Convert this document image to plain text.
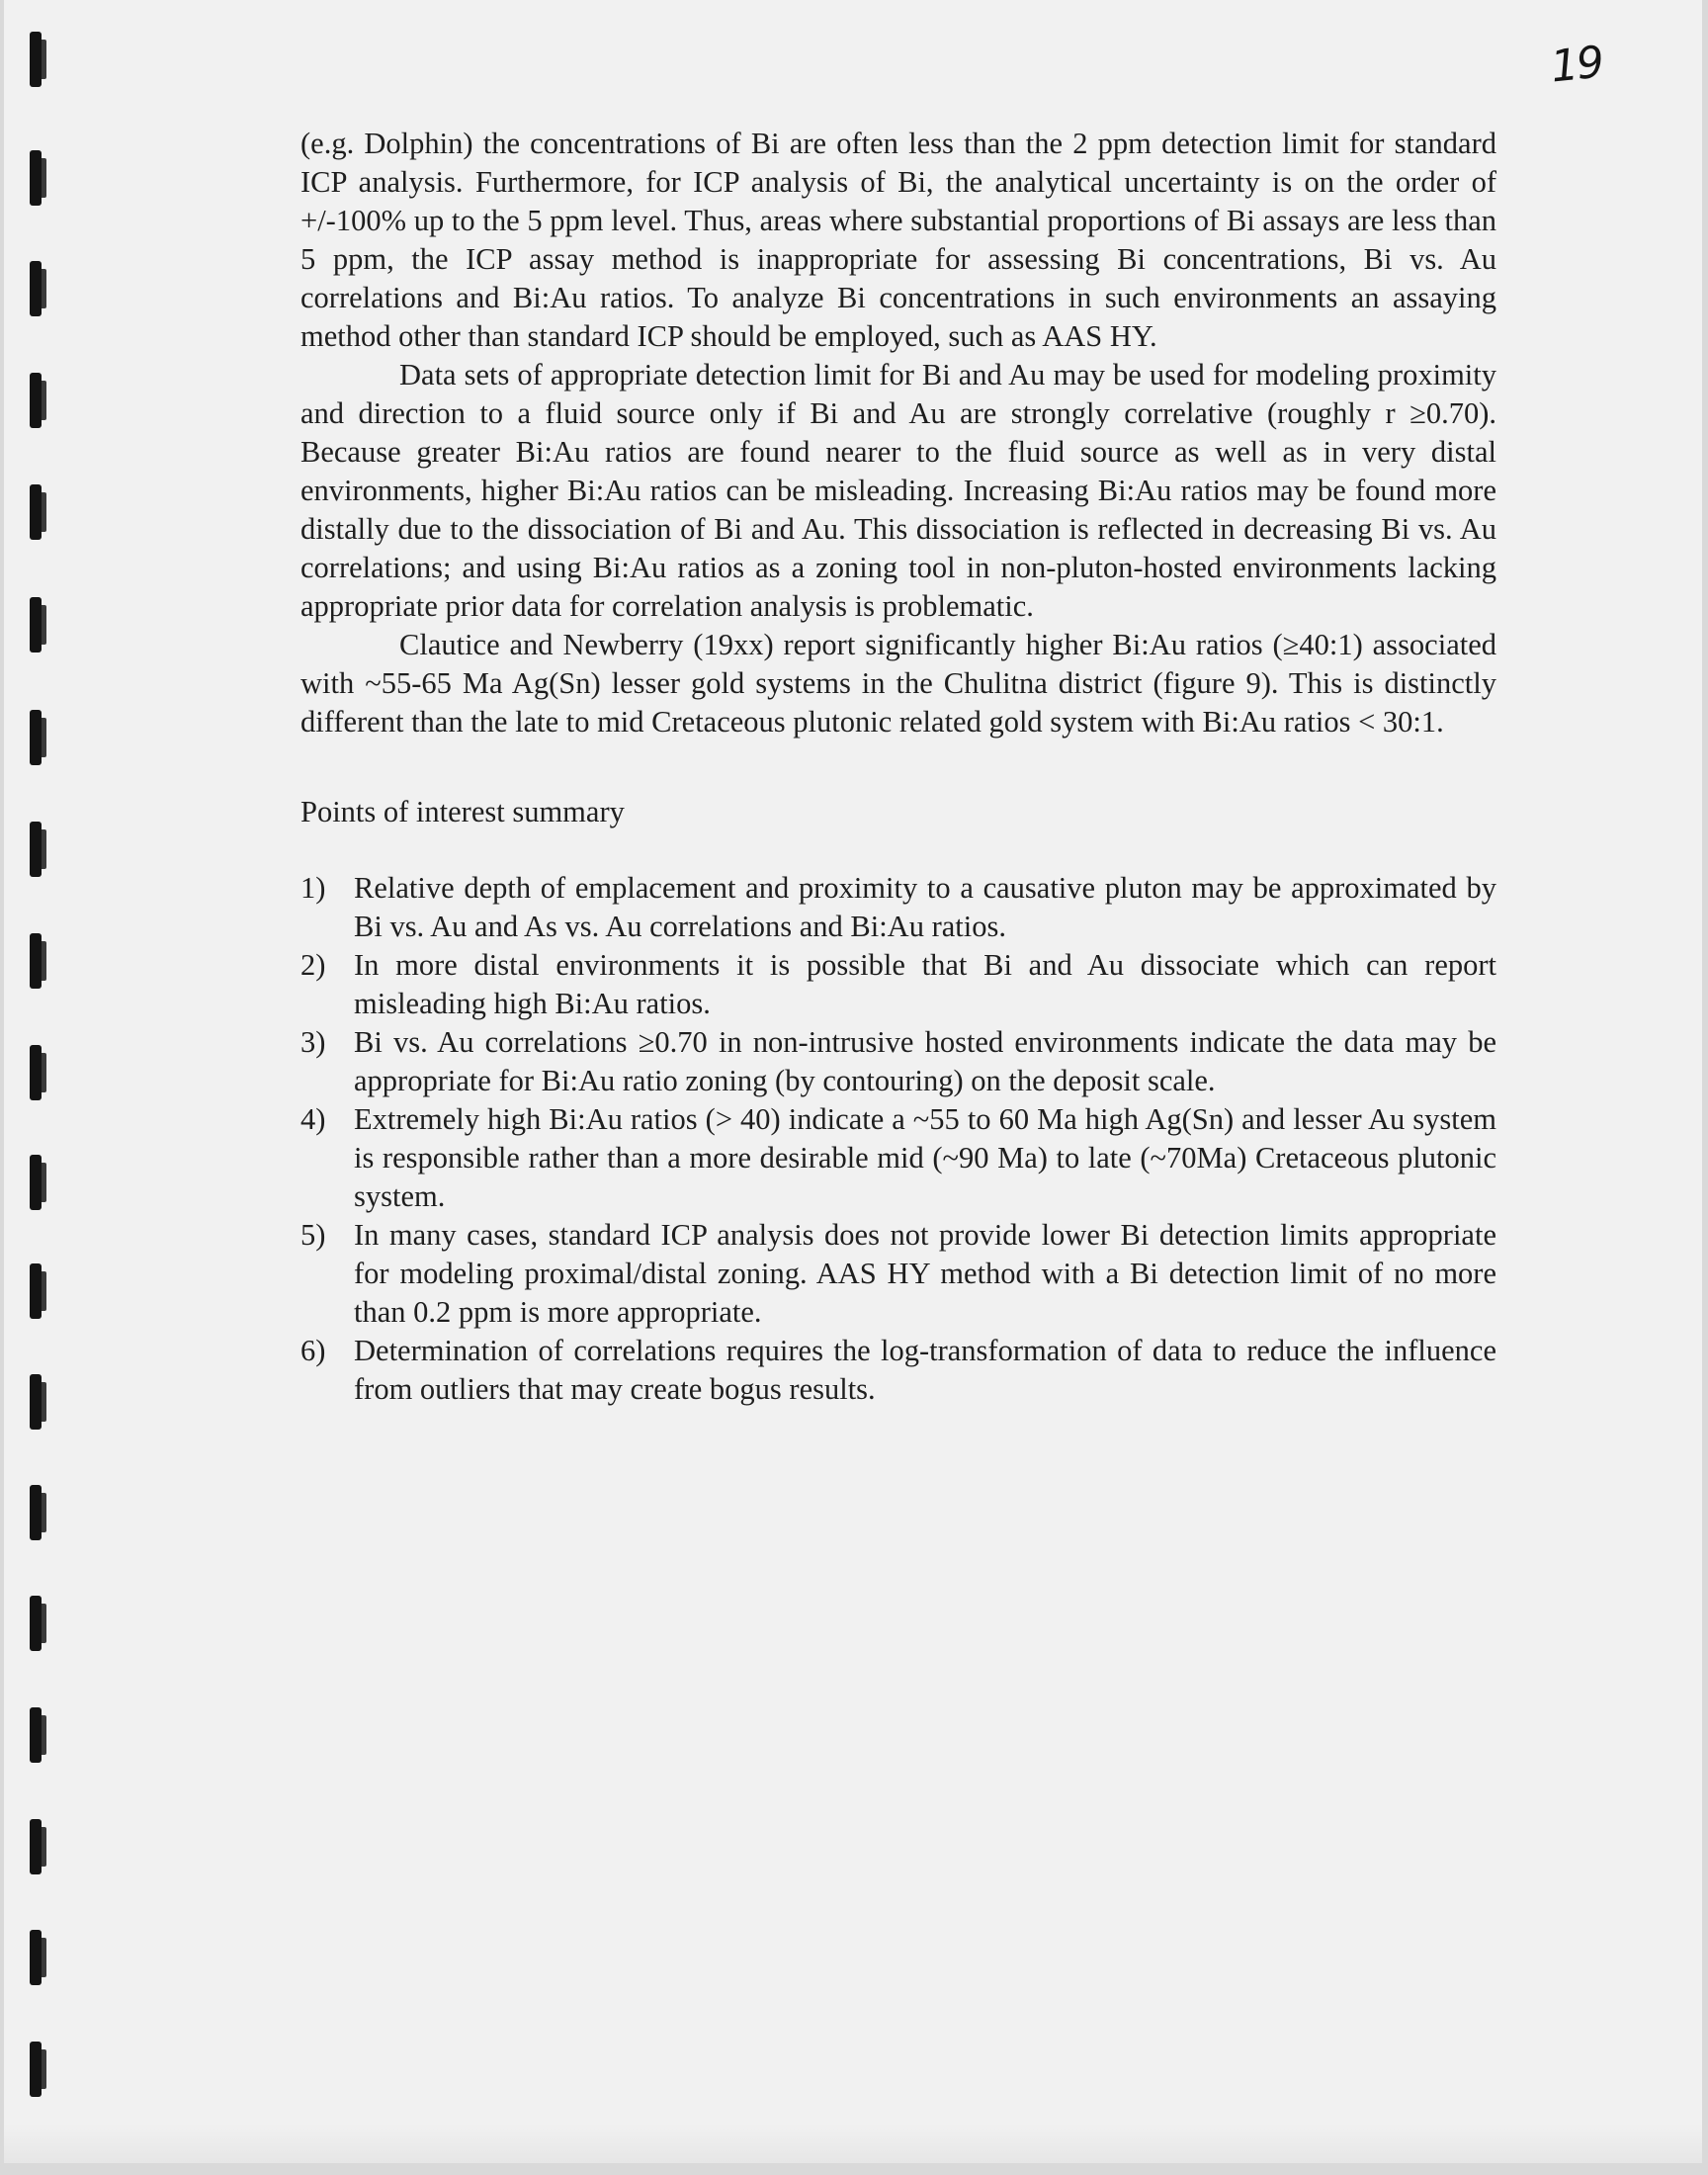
19

(e.g. Dolphin) the concentrations of Bi are often less than the 2 ppm detection limit for standard ICP analysis. Furthermore, for ICP analysis of Bi, the analytical uncertainty is on the order of +/-100% up to the 5 ppm level. Thus, areas where substantial proportions of Bi assays are less than 5 ppm, the ICP assay method is inappropriate for assessing Bi concentrations, Bi vs. Au correlations and Bi:Au ratios. To analyze Bi concentrations in such environments an assaying method other than standard ICP should be employed, such as AAS HY.

Data sets of appropriate detection limit for Bi and Au may be used for modeling proximity and direction to a fluid source only if Bi and Au are strongly correlative (roughly r ≥0.70). Because greater Bi:Au ratios are found nearer to the fluid source as well as in very distal environments, higher Bi:Au ratios can be misleading. Increasing Bi:Au ratios may be found more distally due to the dissociation of Bi and Au. This dissociation is reflected in decreasing Bi vs. Au correlations; and using Bi:Au ratios as a zoning tool in non-pluton-hosted environments lacking appropriate prior data for correlation analysis is problematic.

Clautice and Newberry (19xx) report significantly higher Bi:Au ratios (≥40:1) associated with ~55-65 Ma Ag(Sn) lesser gold systems in the Chulitna district (figure 9). This is distinctly different than the late to mid Cretaceous plutonic related gold system with Bi:Au ratios < 30:1.

Points of interest summary

1) Relative depth of emplacement and proximity to a causative pluton may be approximated by Bi vs. Au and As vs. Au correlations and Bi:Au ratios.
2) In more distal environments it is possible that Bi and Au dissociate which can report misleading high Bi:Au ratios.
3) Bi vs. Au correlations ≥0.70 in non-intrusive hosted environments indicate the data may be appropriate for Bi:Au ratio zoning (by contouring) on the deposit scale.
4) Extremely high Bi:Au ratios (> 40) indicate a ~55 to 60 Ma high Ag(Sn) and lesser Au system is responsible rather than a more desirable mid (~90 Ma) to late (~70Ma) Cretaceous plutonic system.
5) In many cases, standard ICP analysis does not provide lower Bi detection limits appropriate for modeling proximal/distal zoning. AAS HY method with a Bi detection limit of no more than 0.2 ppm is more appropriate.
6) Determination of correlations requires the log-transformation of data to reduce the influence from outliers that may create bogus results.
